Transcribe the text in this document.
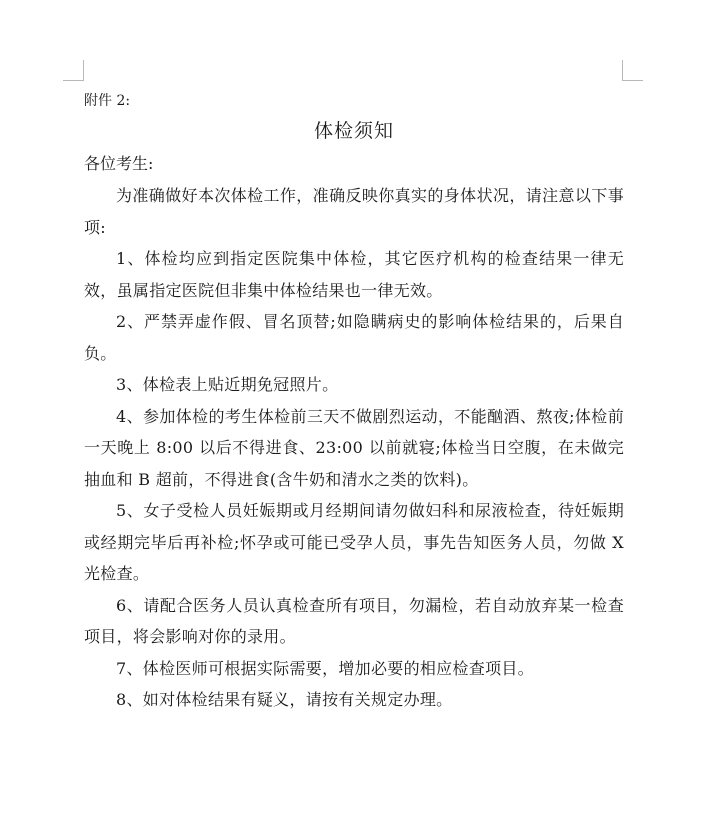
附件 2:

体检须知

各位考生:

为准确做好本次体检工作，准确反映你真实的身体状况，请注意以下事项:

1、体检均应到指定医院集中体检，其它医疗机构的检查结果一律无效，虽属指定医院但非集中体检结果也一律无效。

2、严禁弄虚作假、冒名顶替;如隐瞒病史的影响体检结果的，后果自负。

3、体检表上贴近期免冠照片。

4、参加体检的考生体检前三天不做剧烈运动，不能酗酒、熬夜;体检前一天晚上 8:00 以后不得进食、23:00 以前就寝;体检当日空腹，在未做完抽血和 B 超前，不得进食(含牛奶和清水之类的饮料)。

5、女子受检人员妊娠期或月经期间请勿做妇科和尿液检查，待妊娠期或经期完毕后再补检;怀孕或可能已受孕人员，事先告知医务人员，勿做 X 光检查。

6、请配合医务人员认真检查所有项目，勿漏检，若自动放弃某一检查项目，将会影响对你的录用。

7、体检医师可根据实际需要，增加必要的相应检查项目。

8、如对体检结果有疑义，请按有关规定办理。
